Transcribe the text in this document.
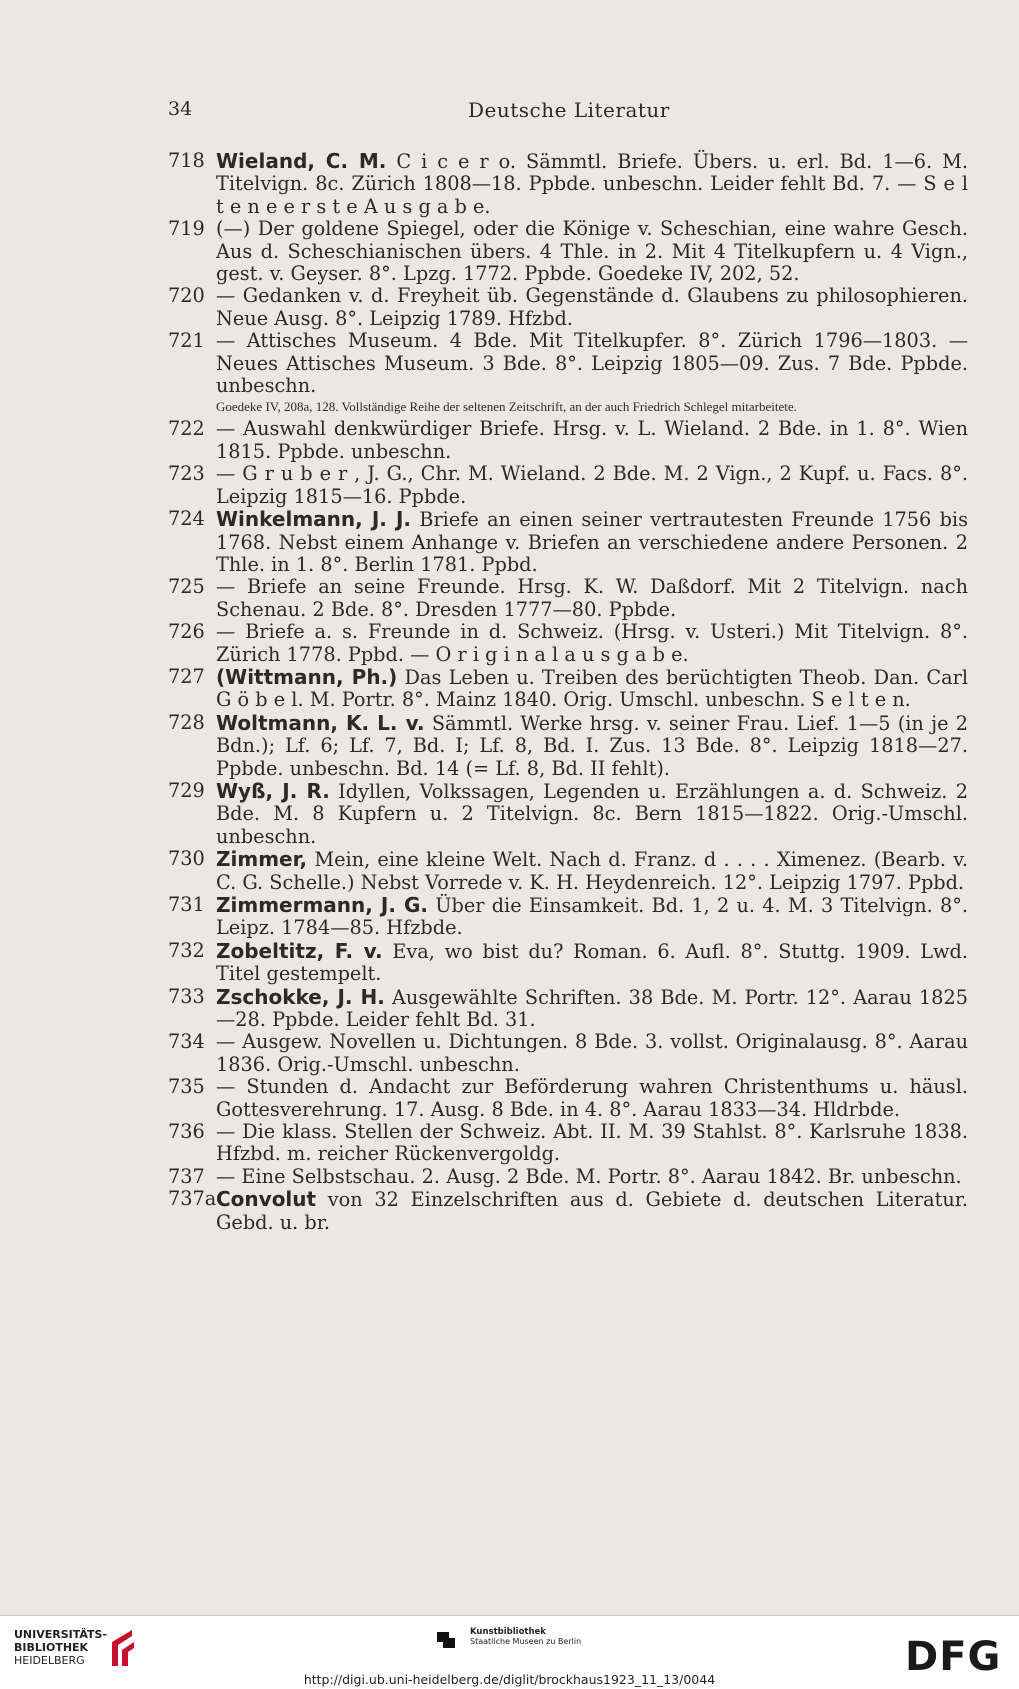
34	Deutsche Literatur
718 Wieland, C. M. C i c e r o. Sämmtl. Briefe. Übers. u. erl. Bd. 1—6. M. Titelvign. 8c. Zürich 1808—18. Ppbde. unbeschn. Leider fehlt Bd. 7. — S e l t e n e e r s t e A u s g a b e.
719 (—) Der goldene Spiegel, oder die Könige v. Scheschian, eine wahre Gesch. Aus d. Scheschianischen übers. 4 Thle. in 2. Mit 4 Titelkupfern u. 4 Vign., gest. v. Geyser. 8°. Lpzg. 1772. Ppbde. Goedeke IV, 202, 52.
720 — Gedanken v. d. Freyheit üb. Gegenstände d. Glaubens zu philosophieren. Neue Ausg. 8°. Leipzig 1789. Hfzbd.
721 — Attisches Museum. 4 Bde. Mit Titelkupfer. 8°. Zürich 1796—1803. — Neues Attisches Museum. 3 Bde. 8°. Leipzig 1805—09. Zus. 7 Bde. Ppbde. unbeschn.
Goedeke IV, 208a, 128. Vollständige Reihe der seltenen Zeitschrift, an der auch Friedrich Schlegel mitarbeitete.
722 — Auswahl denkwürdiger Briefe. Hrsg. v. L. Wieland. 2 Bde. in 1. 8°. Wien 1815. Ppbde. unbeschn.
723 — G r u b e r , J. G., Chr. M. Wieland. 2 Bde. M. 2 Vign., 2 Kupf. u. Facs. 8°. Leipzig 1815—16. Ppbde.
724 Winkelmann, J. J. Briefe an einen seiner vertrautesten Freunde 1756 bis 1768. Nebst einem Anhange v. Briefen an verschiedene andere Personen. 2 Thle. in 1. 8°. Berlin 1781. Ppbd.
725 — Briefe an seine Freunde. Hrsg. K. W. Daßdorf. Mit 2 Titelvign. nach Schenau. 2 Bde. 8°. Dresden 1777—80. Ppbde.
726 — Briefe a. s. Freunde in d. Schweiz. (Hrsg. v. Usteri.) Mit Titelvign. 8°. Zürich 1778. Ppbd. — O r i g i n a l a u s g a b e.
727 (Wittmann, Ph.) Das Leben u. Treiben des berüchtigten Theob. Dan. Carl G ö b e l. M. Portr. 8°. Mainz 1840. Orig. Umschl. unbeschn. S e l t e n.
728 Woltmann, K. L. v. Sämmtl. Werke hrsg. v. seiner Frau. Lief. 1—5 (in je 2 Bdn.); Lf. 6; Lf. 7, Bd. I; Lf. 8, Bd. I. Zus. 13 Bde. 8°. Leipzig 1818—27. Ppbde. unbeschn. Bd. 14 (= Lf. 8, Bd. II fehlt).
729 Wyß, J. R. Idyllen, Volkssagen, Legenden u. Erzählungen a. d. Schweiz. 2 Bde. M. 8 Kupfern u. 2 Titelvign. 8c. Bern 1815—1822. Orig.-Umschl. unbeschn.
730 Zimmer, Mein, eine kleine Welt. Nach d. Franz. d . . . . Ximenez. (Bearb. v. C. G. Schelle.) Nebst Vorrede v. K. H. Heydenreich. 12°. Leipzig 1797. Ppbd.
731 Zimmermann, J. G. Über die Einsamkeit. Bd. 1, 2 u. 4. M. 3 Titelvign. 8°. Leipz. 1784—85. Hfzbde.
732 Zobeltitz, F. v. Eva, wo bist du? Roman. 6. Aufl. 8°. Stuttg. 1909. Lwd. Titel gestempelt.
733 Zschokke, J. H. Ausgewählte Schriften. 38 Bde. M. Portr. 12°. Aarau 1825—28. Ppbde. Leider fehlt Bd. 31.
734 — Ausgew. Novellen u. Dichtungen. 8 Bde. 3. vollst. Originalausg. 8°. Aarau 1836. Orig.-Umschl. unbeschn.
735 — Stunden d. Andacht zur Beförderung wahren Christenthums u. häusl. Gottesverehrung. 17. Ausg. 8 Bde. in 4. 8°. Aarau 1833—34. Hldrbde.
736 — Die klass. Stellen der Schweiz. Abt. II. M. 39 Stahlst. 8°. Karlsruhe 1838. Hfzbd. m. reicher Rückenvergoldg.
737 — Eine Selbstschau. 2. Ausg. 2 Bde. M. Portr. 8°. Aarau 1842. Br. unbeschn.
737a Convolut von 32 Einzelschriften aus d. Gebiete d. deutschen Literatur. Gebd. u. br.
UNIVERSITÄTS-
BIBLIOTHEK
HEIDELBERG
Kunstbibliothek
Staatliche Museen zu Berlin	DFG
http://digi.ub.uni-heidelberg.de/diglit/brockhaus1923_11_13/0044
